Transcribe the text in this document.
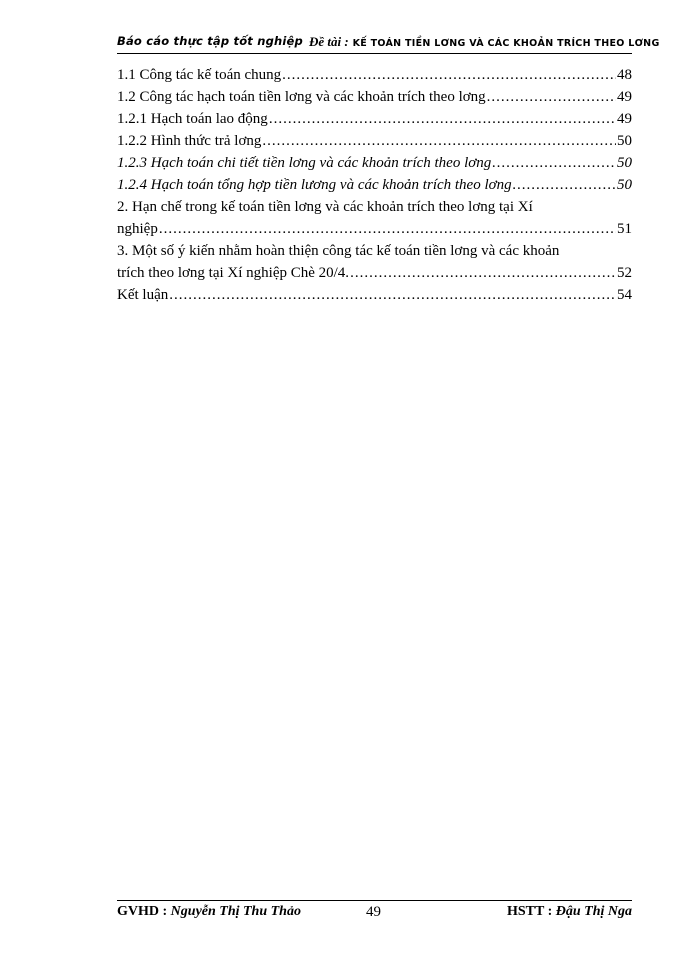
Báo cáo thực tập tốt nghiệp Đề tài : KẾ TOÁN TIỀN LƠNG VÀ CÁC KHOẢN TRÍCH THEO LƠNG
1.1 Công tác kế toán chung .....	48
1.2 Công tác hạch toán tiền lơng và các khoản trích theo lơng .....	49
1.2.1 Hạch toán lao động .....	49
1.2.2 Hình thức trả lơng .....	50
1.2.3 Hạch toán chi tiết tiền lơng và các khoản trích theo lơng .....	50
1.2.4 Hạch toán tổng hợp tiền lương và các khoản trích theo lơng .....	50
2. Hạn chế trong kế toán tiền lơng và các khoản trích theo lơng tại Xí
nghiệp .....	51
3. Một số ý kiến nhằm hoàn thiện công tác kế toán tiền lơng và các khoản
trích theo lơng tại Xí nghiệp Chè 20/4. .....	52
Kết luận .....	54
GVHD : Nguyễn Thị Thu Thảo	49	HSTT : Đậu Thị Nga
